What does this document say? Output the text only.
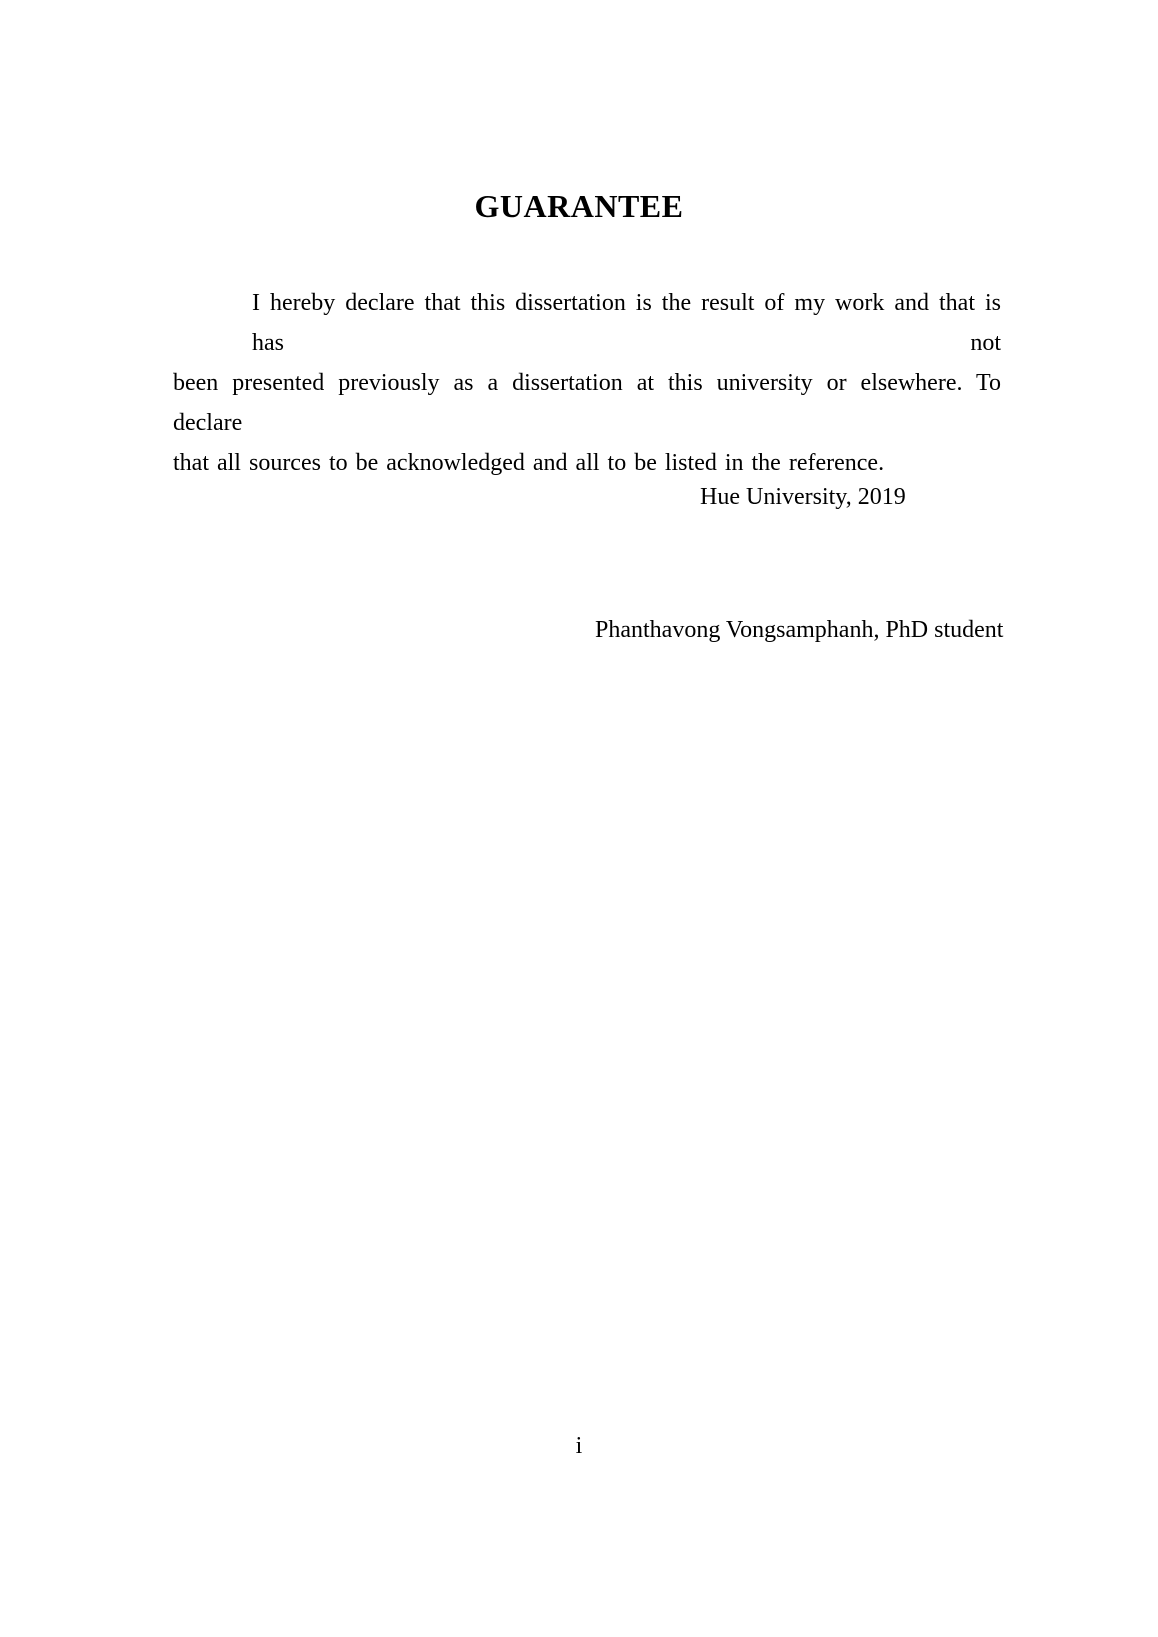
GUARANTEE

I hereby declare that this dissertation is the result of my work and that is has not
been presented previously as a dissertation at this university or elsewhere. To declare
that all sources to be acknowledged and all to be listed in the reference.

Hue University, 2019
Phanthavong Vongsamphanh, PhD student
i
